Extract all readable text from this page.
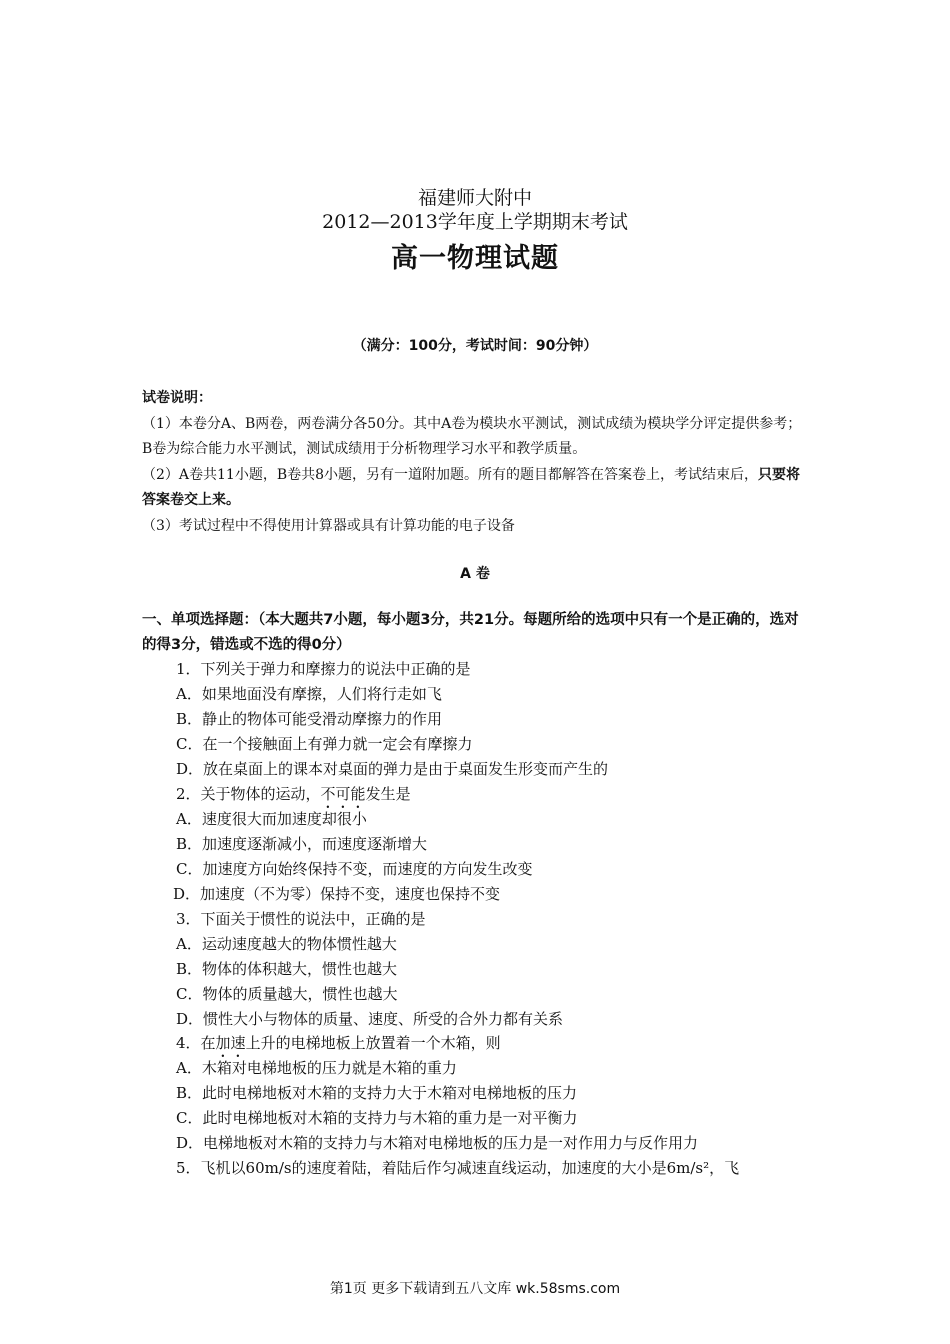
福建师大附中
2012—2013学年度上学期期末考试
高一物理试题
（满分：100分，考试时间：90分钟）

试卷说明：

（1）本卷分A、B两卷，两卷满分各50分。其中A卷为模块水平测试，测试成绩为模块学分评定提供参考；B卷为综合能力水平测试，测试成绩用于分析物理学习水平和教学质量。

（2）A卷共11小题，B卷共8小题，另有一道附加题。所有的题目都解答在答案卷上，考试结束后，只要将答案卷交上来。

（3）考试过程中不得使用计算器或具有计算功能的电子设备

A 卷
一、单项选择题：（本大题共7小题，每小题3分，共21分。每题所给的选项中只有一个是正确的，选对的得3分，错选或不选的得0分）
1．下列关于弹力和摩擦力的说法中正确的是
A．如果地面没有摩擦，人们将行走如飞
B．静止的物体可能受滑动摩擦力的作用
C．在一个接触面上有弹力就一定会有摩擦力
D．放在桌面上的课本对桌面的弹力是由于桌面发生形变而产生的
2．关于物体的运动，不可能发生是
A．速度很大而加速度却很小
B．加速度逐渐减小，而速度逐渐增大
C．加速度方向始终保持不变，而速度的方向发生改变
D．加速度（不为零）保持不变，速度也保持不变
3．下面关于惯性的说法中，正确的是
A．运动速度越大的物体惯性越大
B．物体的体积越大，惯性也越大
C．物体的质量越大，惯性也越大
D．惯性大小与物体的质量、速度、所受的合外力都有关系
4．在加速上升的电梯地板上放置着一个木箱，则
A．木箱对电梯地板的压力就是木箱的重力
B．此时电梯地板对木箱的支持力大于木箱对电梯地板的压力
C．此时电梯地板对木箱的支持力与木箱的重力是一对平衡力
D．电梯地板对木箱的支持力与木箱对电梯地板的压力是一对作用力与反作用力
5．飞机以60m/s的速度着陆，着陆后作匀减速直线运动，加速度的大小是6m/s²，飞
第1页 更多下载请到五八文库 wk.58sms.com
